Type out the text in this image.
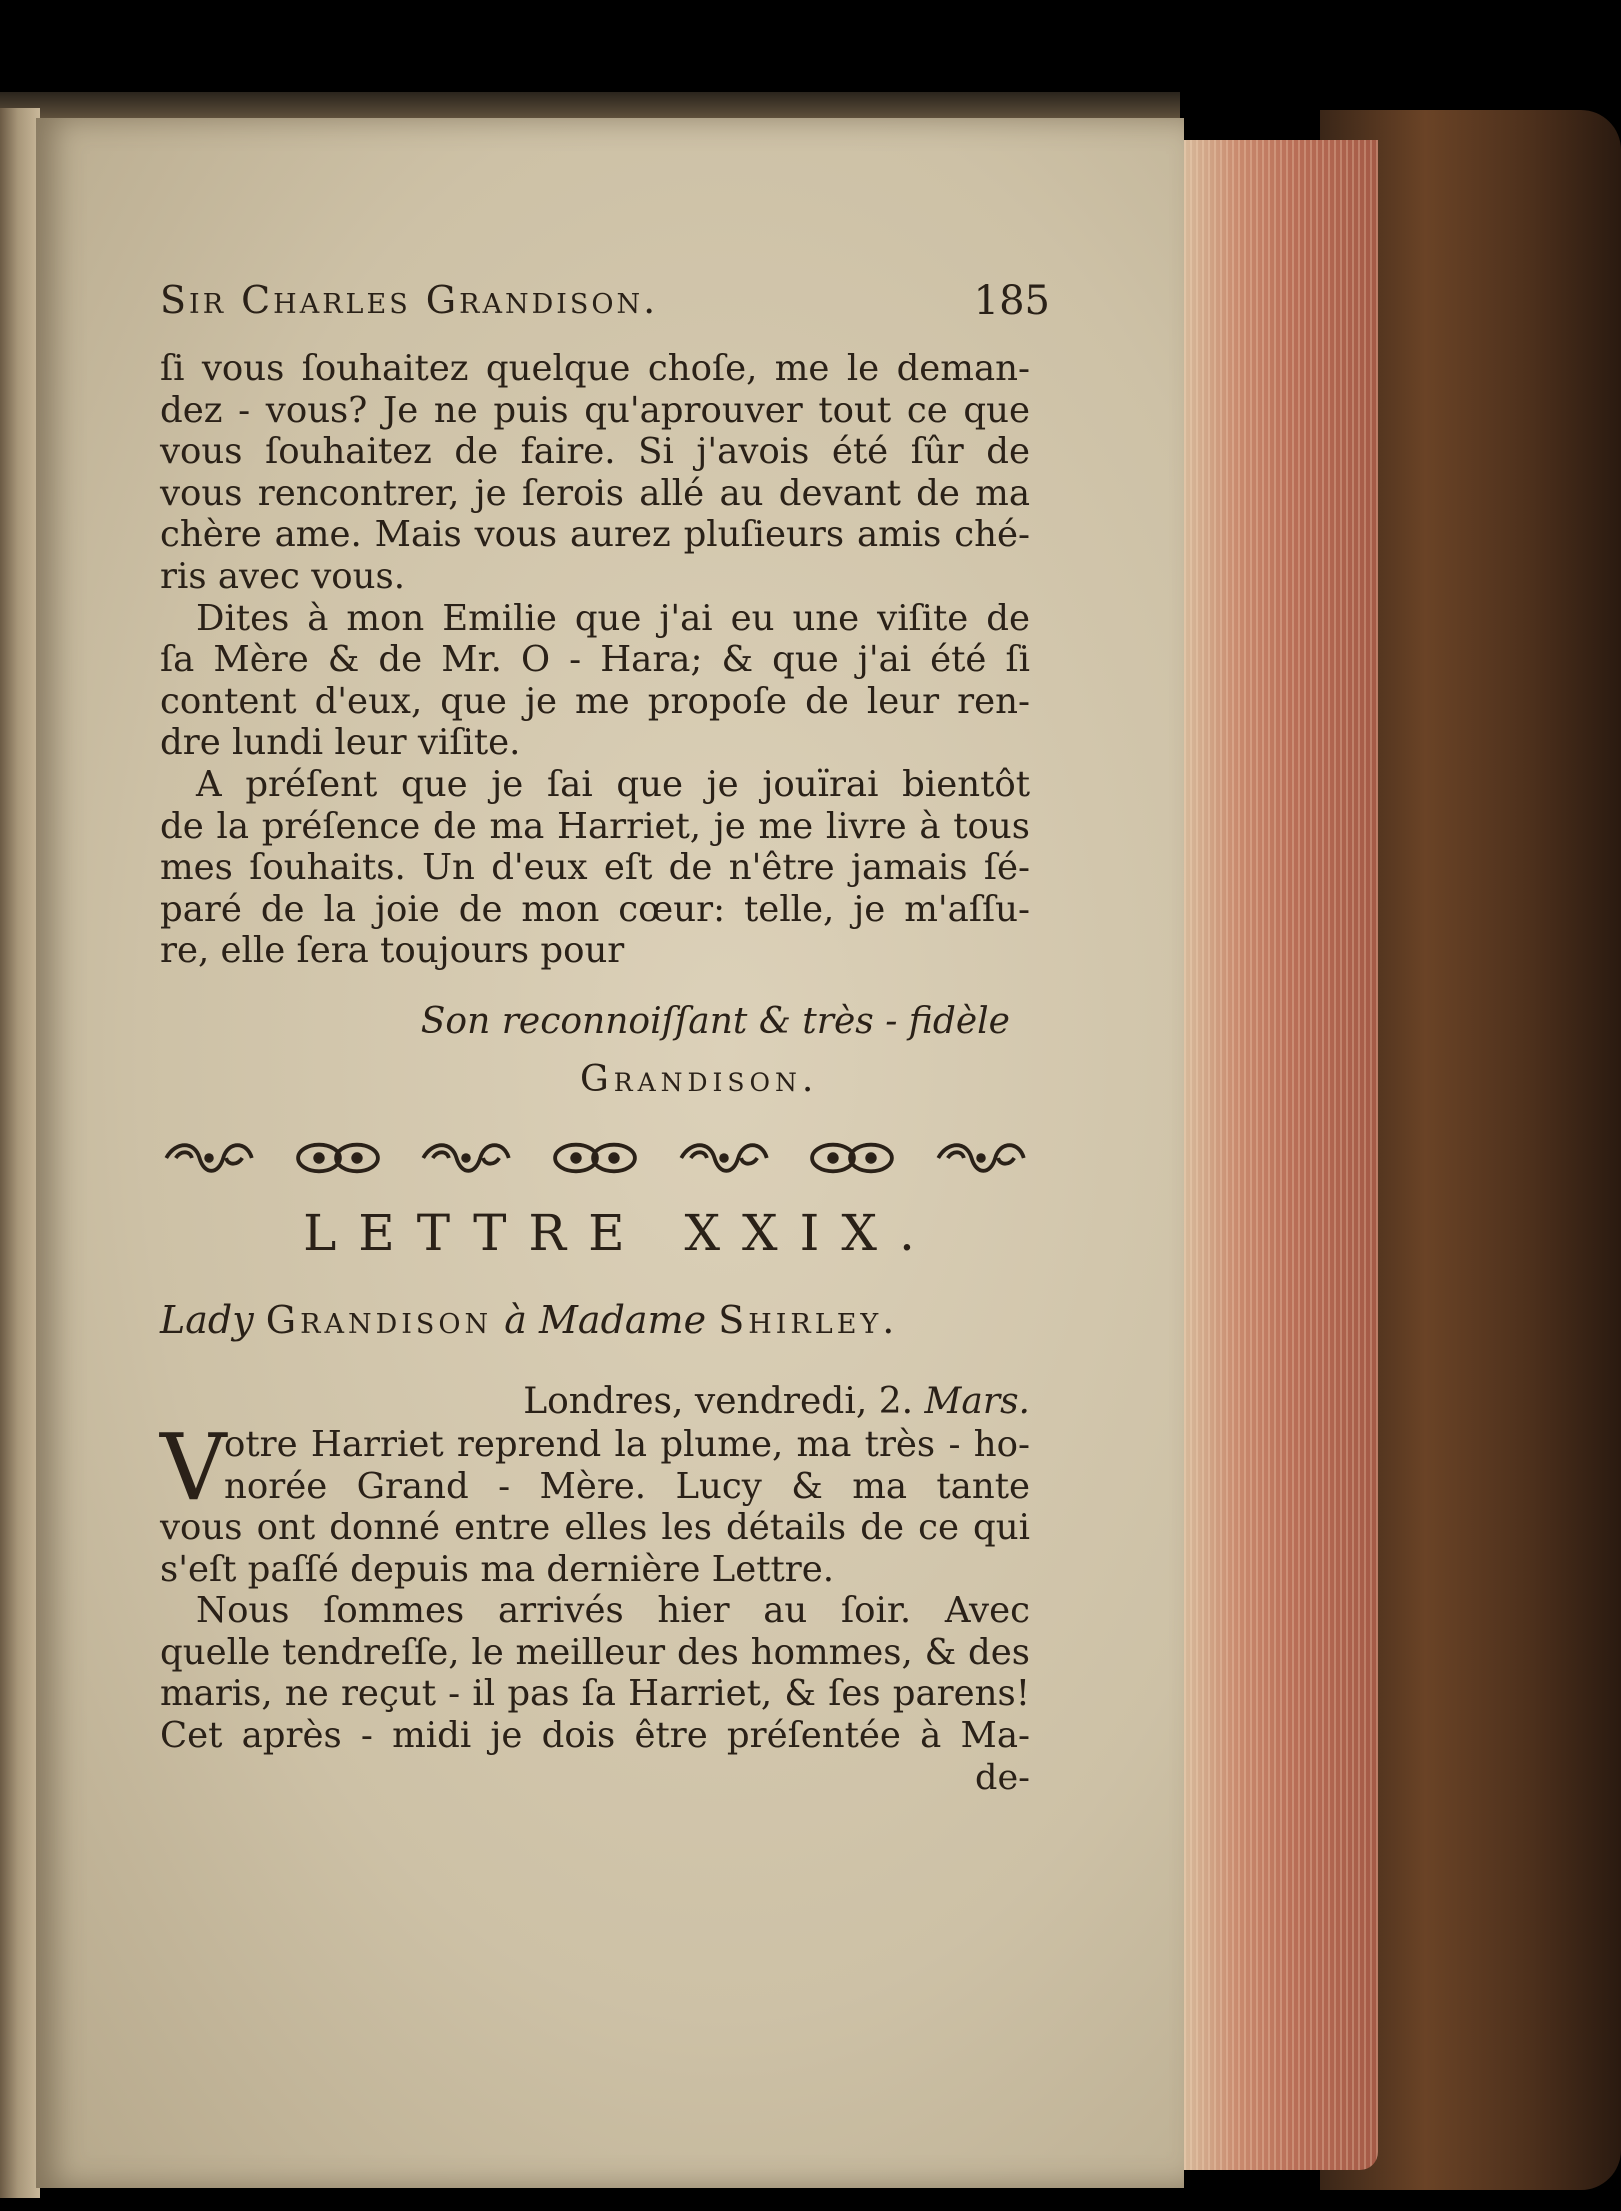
Sir Charles Grandison.	185
ſi vous ſouhaitez quelque choſe, me le deman-
dez - vous? Je ne puis qu'aprouver tout ce que
vous ſouhaitez de faire. Si j'avois été ſûr de
vous rencontrer, je ſerois allé au devant de ma
chère ame. Mais vous aurez pluſieurs amis ché-
ris avec vous.
Dites à mon Emilie que j'ai eu une viſite de
ſa Mère & de Mr. O - Hara; & que j'ai été ſi
content d'eux, que je me propoſe de leur ren-
dre lundi leur viſite.
A préſent que je ſai que je jouïrai bientôt
de la préſence de ma Harriet, je me livre à tous
mes ſouhaits. Un d'eux eſt de n'être jamais ſé-
paré de la joie de mon cœur: telle, je m'aſſu-
re, elle ſera toujours pour
Son reconnoiſſant & très - fidèle
Grandison.
LETTRE XXIX.
Lady Grandison à Madame Shirley.
Londres, vendredi, 2. Mars.
V
otre Harriet reprend la plume, ma très - ho-
norée Grand - Mère. Lucy & ma tante
vous ont donné entre elles les détails de ce qui
s'eſt paſſé depuis ma dernière Lettre.
Nous ſommes arrivés hier au ſoir. Avec
quelle tendreſſe, le meilleur des hommes, & des
maris, ne reçut - il pas ſa Harriet, & ſes parens!
Cet après - midi je dois être préſentée à Ma-
de-
